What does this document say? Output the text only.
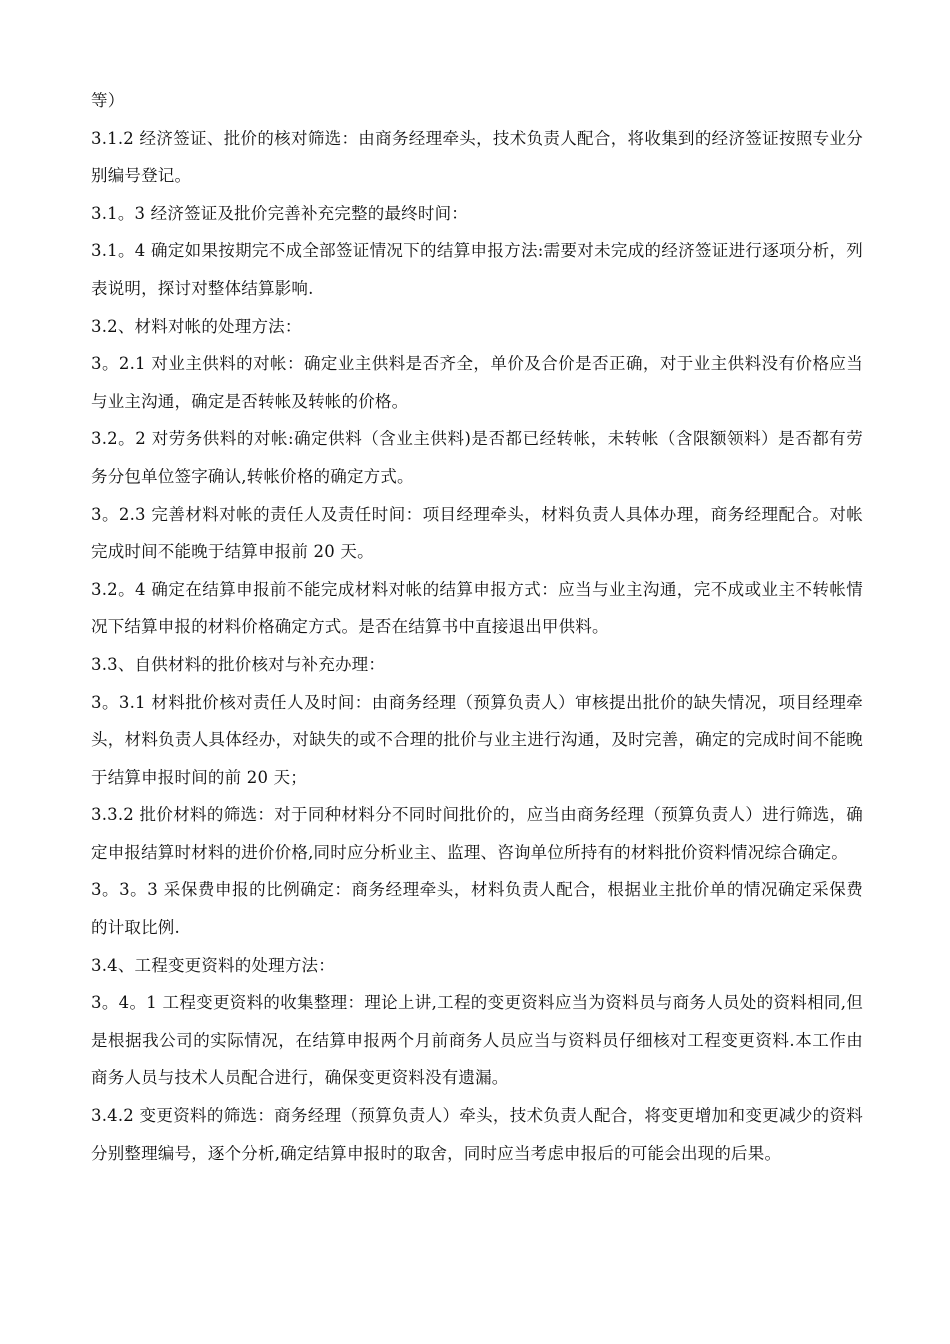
等）

3.1.2 经济签证、批价的核对筛选：由商务经理牵头，技术负责人配合，将收集到的经济签证按照专业分别编号登记。

3.1。3 经济签证及批价完善补充完整的最终时间：

3.1。4 确定如果按期完不成全部签证情况下的结算申报方法:需要对未完成的经济签证进行逐项分析，列表说明，探讨对整体结算影响.

3.2、材料对帐的处理方法：

3。2.1 对业主供料的对帐：确定业主供料是否齐全，单价及合价是否正确，对于业主供料没有价格应当与业主沟通，确定是否转帐及转帐的价格。

3.2。2 对劳务供料的对帐:确定供料（含业主供料)是否都已经转帐，未转帐（含限额领料）是否都有劳务分包单位签字确认,转帐价格的确定方式。

3。2.3 完善材料对帐的责任人及责任时间：项目经理牵头，材料负责人具体办理，商务经理配合。对帐完成时间不能晚于结算申报前 20 天。

3.2。4 确定在结算申报前不能完成材料对帐的结算申报方式：应当与业主沟通，完不成或业主不转帐情况下结算申报的材料价格确定方式。是否在结算书中直接退出甲供料。

3.3、自供材料的批价核对与补充办理：

3。3.1 材料批价核对责任人及时间：由商务经理（预算负责人）审核提出批价的缺失情况，项目经理牵头，材料负责人具体经办，对缺失的或不合理的批价与业主进行沟通，及时完善，确定的完成时间不能晚于结算申报时间的前 20 天；

3.3.2 批价材料的筛选：对于同种材料分不同时间批价的，应当由商务经理（预算负责人）进行筛选，确定申报结算时材料的进价价格,同时应分析业主、监理、咨询单位所持有的材料批价资料情况综合确定。

3。3。3 采保费申报的比例确定：商务经理牵头，材料负责人配合，根据业主批价单的情况确定采保费的计取比例.

3.4、工程变更资料的处理方法：

3。4。1 工程变更资料的收集整理：理论上讲,工程的变更资料应当为资料员与商务人员处的资料相同,但是根据我公司的实际情况，在结算申报两个月前商务人员应当与资料员仔细核对工程变更资料.本工作由商务人员与技术人员配合进行，确保变更资料没有遗漏。

3.4.2 变更资料的筛选：商务经理（预算负责人）牵头，技术负责人配合，将变更增加和变更减少的资料分别整理编号，逐个分析,确定结算申报时的取舍，同时应当考虑申报后的可能会出现的后果。
